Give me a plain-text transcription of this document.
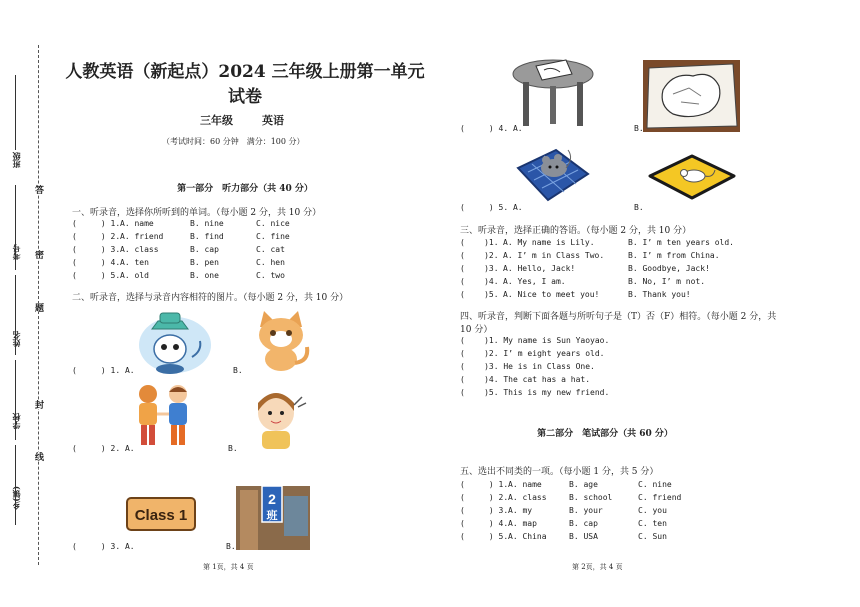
乡(镇)
学校
姓名
考号
班级
线
封
题
密
答
人教英语（新起点）2024 三年级上册第一单元
试卷
三年级	英语
（考试时间：60 分钟　满分：100 分）
第一部分　听力部分（共 40 分）
一、听录音，选择你所听到的单词。（每小题 2 分，共 10 分）
(     ) 1. A. name	B. nine	C. nice
(     ) 2. A. friend	B. find	C. fine
(     ) 3. A. class	B. cap	C. cat
(     ) 4. A. ten	B. pen	C. hen
(     ) 5. A. old	B. one	C. two
二、听录音，选择与录音内容相符的图片。（每小题 2 分，共 10 分）
(     ) 1. A.	B.
(     ) 2. A.	B.
Class 1
2
班
(     ) 3. A.	B.
第 1页，共 4 页
(     ) 4. A.	B.
(     ) 5. A.	B.
三、听录音，选择正确的答语。（每小题 2 分，共 10 分）
(    )1. A. My name is Lily.	B. I’ m ten years old.
(    )2. A. I’ m in Class Two.	B. I’ m from China.
(    )3. A. Hello, Jack!	B. Goodbye, Jack!
(    )4. A. Yes, I am.	B. No, I’ m not.
(    )5. A. Nice to meet you!	B. Thank you!
四、听录音，判断下面各题与所听句子是（T）否（F）相符。（每小题 2 分，共
10 分）
(    )1. My name is Sun Yaoyao.
(    )2. I’ m eight years old.
(    )3. He is in Class One.
(    )4. The cat has a hat.
(    )5. This is my new friend.
第二部分　笔试部分（共 60 分）
五、选出不同类的一项。（每小题 1 分，共 5 分）
(     ) 1. A. name	B. age	C. nine
(     ) 2. A. class	B. school	C. friend
(     ) 3. A. my	B. your	C. you
(     ) 4. A. map	B. cap	C. ten
(     ) 5. A. China	B. USA	C. Sun
第 2页，共 4 页
